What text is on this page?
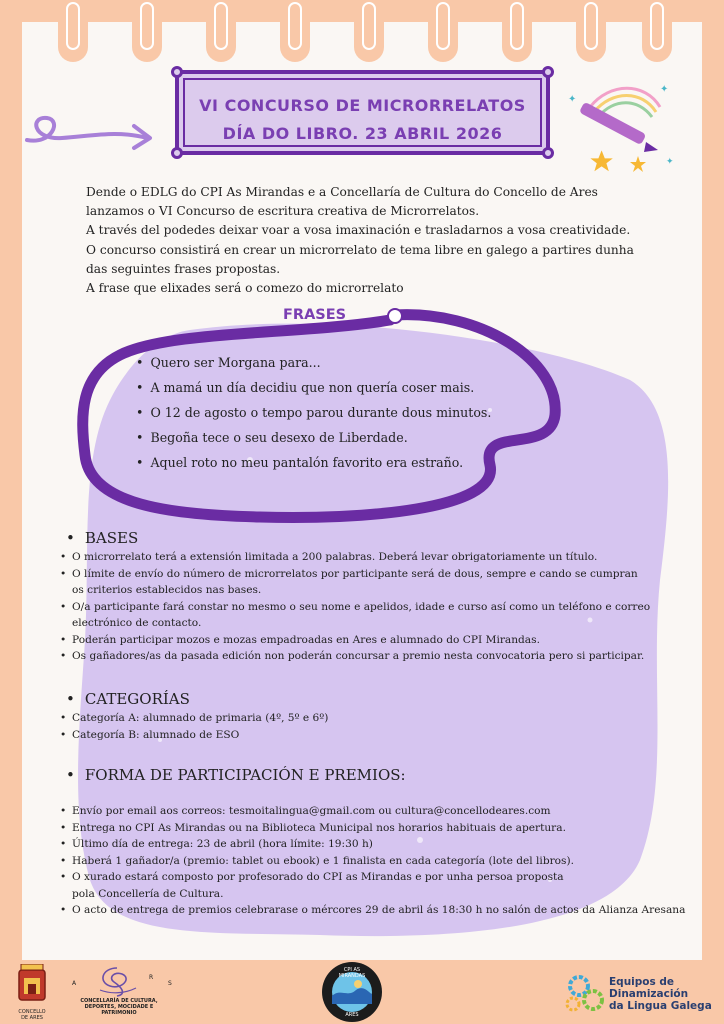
✦
✦
✦
VI CONCURSO DE MICRORRELATOS
DÍA DO LIBRO. 23 ABRIL 2026

Dende o EDLG do CPI As Mirandas e a Concellaría de Cultura do Concello de Ares

lanzamos o VI Concurso de escritura creativa de Microrrelatos.

A través del podedes deixar voar a vosa imaxinación e trasladarnos a vosa creatividade.

O concurso consistirá en crear un microrrelato de tema libre en galego a partires dunha

das seguintes frases propostas.

A frase que elixades será o comezo do microrrelato

FRASES
• Quero ser Morgana para...
• A mamá un día decidiu que non quería coser mais.
• O 12 de agosto o tempo parou durante dous minutos.
• Begoña tece o seu desexo de Liberdade.
• Aquel roto no meu pantalón favorito era estraño.
• BASES
• O microrrelato terá a extensión limitada a 200 palabras. Deberá levar obrigatoriamente un título.
• O límite de envío do número de microrrelatos por participante será de dous, sempre e cando se cumpran
os criterios establecidos nas bases.
• O/a participante fará constar no mesmo o seu nome e apelidos, idade e curso así como un teléfono e correo
electrónico de contacto.
• Poderán participar mozos e mozas empadroadas en Ares e alumnado do CPI Mirandas.
• Os gañadores/as da pasada edición non poderán concursar a premio nesta convocatoria pero si participar.
• CATEGORÍAS
• Categoría A: alumnado de primaria (4º, 5º e 6º)
• Categoría B: alumnado de ESO
• FORMA DE PARTICIPACIÓN E PREMIOS:
• Envío por email aos correos: tesmoitalingua@gmail.com ou cultura@concellodeares.com
• Entrega no CPI As Mirandas ou na Biblioteca Municipal nos horarios habituais de apertura.
• Último día de entrega: 23 de abril (hora límite: 19:30 h)
• Haberá 1 gañador/a (premio: tablet ou ebook) e 1 finalista en cada categoría (lote del libros).
• O xurado estará composto por profesorado do CPI as Mirandas e por unha persoa proposta
pola Concellería de Cultura.
• O acto de entrega de premios celebrarase o mércores 29 de abril ás 18:30 h no salón de actos da Alianza Aresana
CONCELLO
DE ARES
A
R
S
CONCELLARÍA DE CULTURA,
DEPORTES, MOCIDADE E
PATRIMONIO
CPI AS MIRANDAS
ARES
Equipos de
Dinamización
da Lingua Galega
